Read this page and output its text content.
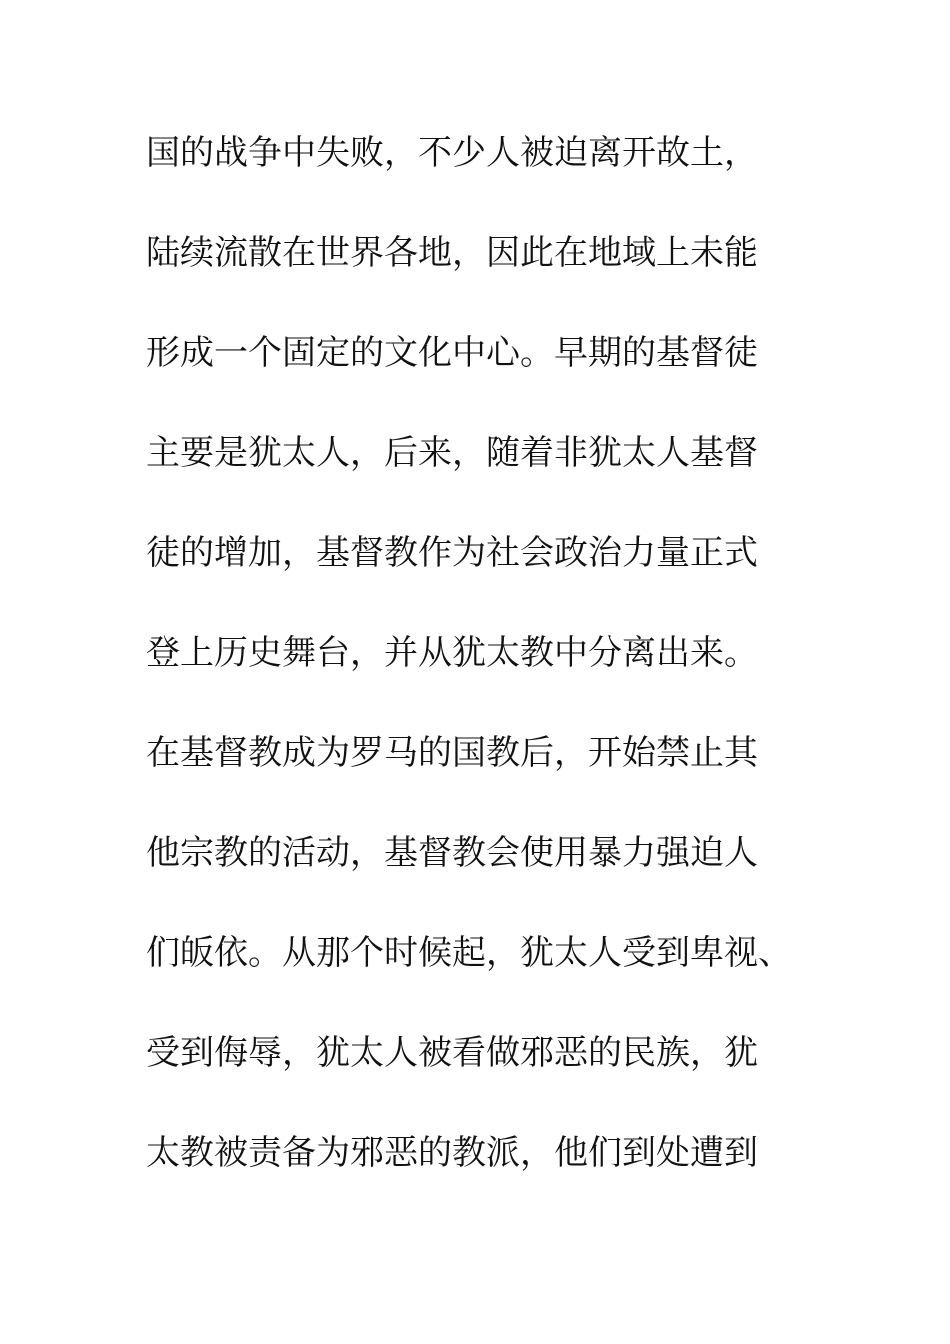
国的战争中失败，不少人被迫离开故土，
陆续流散在世界各地，因此在地域上未能
形成一个固定的文化中心。早期的基督徒
主要是犹太人，后来，随着非犹太人基督
徒的增加，基督教作为社会政治力量正式
登上历史舞台，并从犹太教中分离出来。
在基督教成为罗马的国教后，开始禁止其
他宗教的活动，基督教会使用暴力强迫人
们皈依。从那个时候起，犹太人受到卑视、
受到侮辱，犹太人被看做邪恶的民族，犹
太教被责备为邪恶的教派，他们到处遭到
